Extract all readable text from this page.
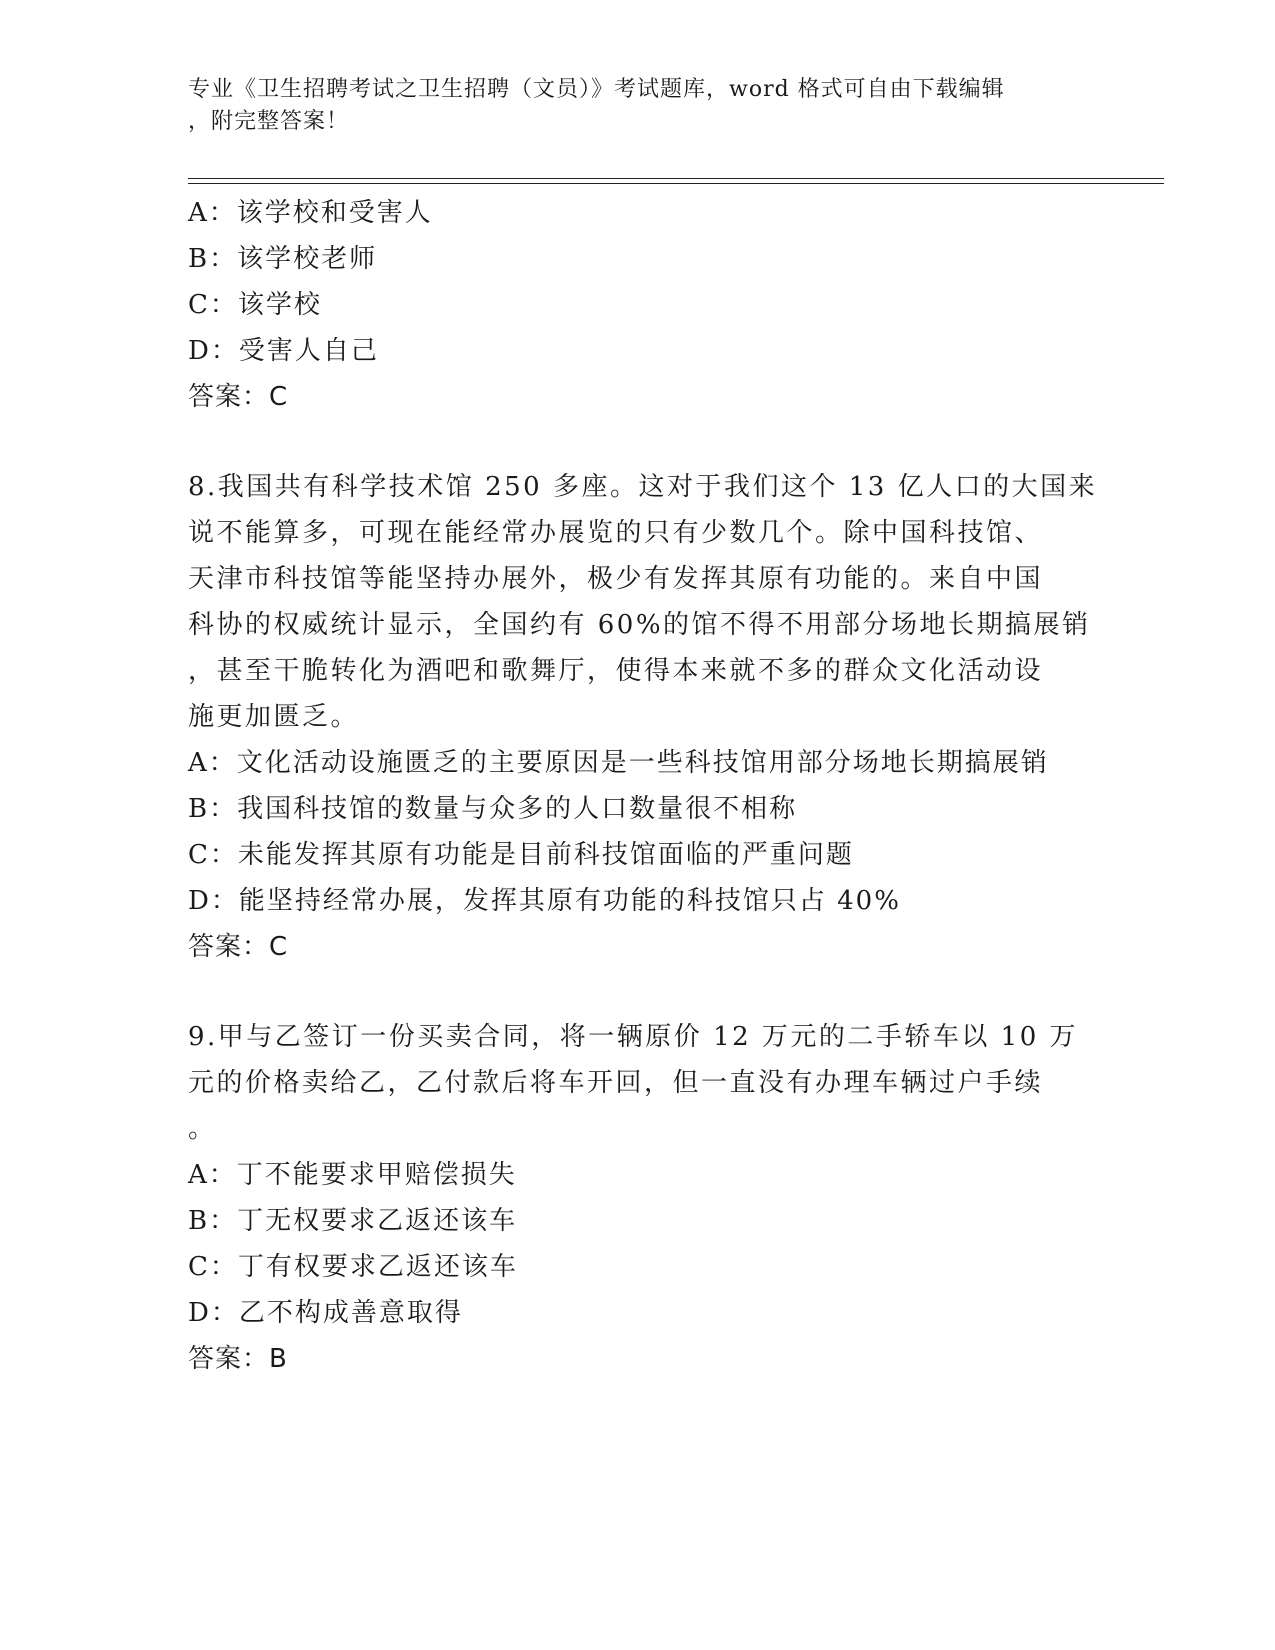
专业《卫生招聘考试之卫生招聘（文员）》考试题库，word 格式可自由下载编辑
，附完整答案！
A：该学校和受害人
B：该学校老师
C：该学校
D：受害人自己
答案：C
8.我国共有科学技术馆 250 多座。这对于我们这个 13 亿人口的大国来
说不能算多，可现在能经常办展览的只有少数几个。除中国科技馆、
天津市科技馆等能坚持办展外，极少有发挥其原有功能的。来自中国
科协的权威统计显示，全国约有 60%的馆不得不用部分场地长期搞展销
，甚至干脆转化为酒吧和歌舞厅，使得本来就不多的群众文化活动设
施更加匮乏。
A：文化活动设施匮乏的主要原因是一些科技馆用部分场地长期搞展销
B：我国科技馆的数量与众多的人口数量很不相称
C：未能发挥其原有功能是目前科技馆面临的严重问题
D：能坚持经常办展，发挥其原有功能的科技馆只占 40%
答案：C
9.甲与乙签订一份买卖合同，将一辆原价 12 万元的二手轿车以 10 万
元的价格卖给乙，乙付款后将车开回，但一直没有办理车辆过户手续
。
A：丁不能要求甲赔偿损失
B：丁无权要求乙返还该车
C：丁有权要求乙返还该车
D：乙不构成善意取得
答案：B
